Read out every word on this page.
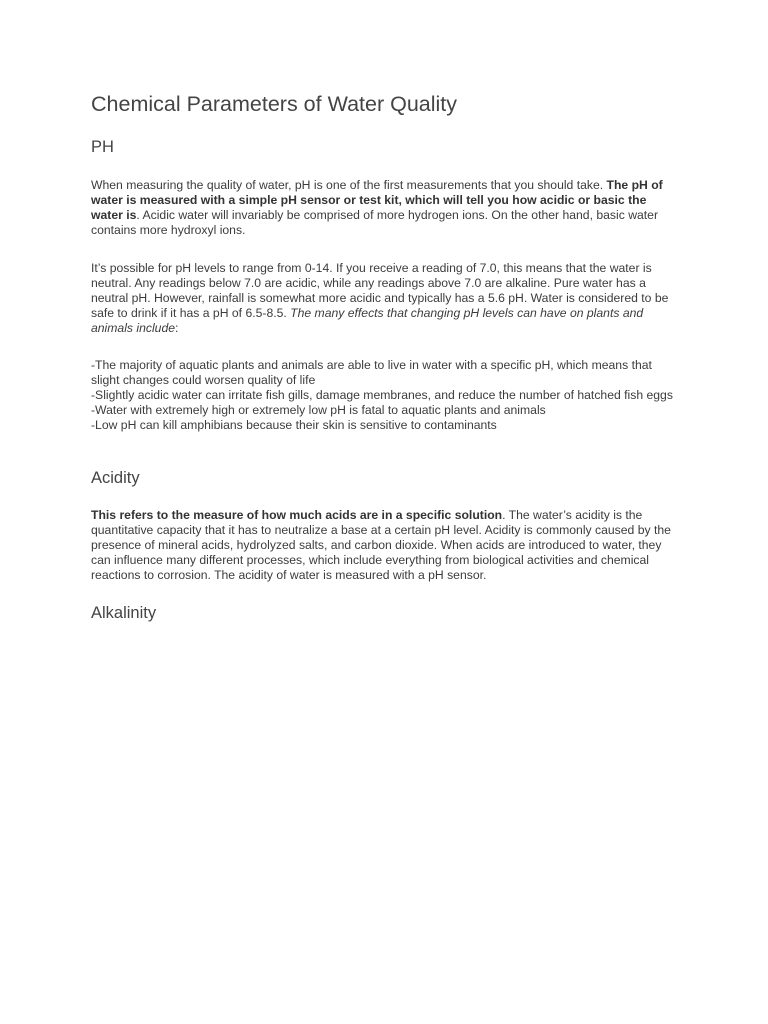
Chemical Parameters of Water Quality
PH

When measuring the quality of water, pH is one of the first measurements that you should take. The pH of water is measured with a simple pH sensor or test kit, which will tell you how acidic or basic the water is. Acidic water will invariably be comprised of more hydrogen ions. On the other hand, basic water contains more hydroxyl ions.

It’s possible for pH levels to range from 0-14. If you receive a reading of 7.0, this means that the water is neutral. Any readings below 7.0 are acidic, while any readings above 7.0 are alkaline. Pure water has a neutral pH. However, rainfall is somewhat more acidic and typically has a 5.6 pH. Water is considered to be safe to drink if it has a pH of 6.5-8.5. The many effects that changing pH levels can have on plants and animals include:

-The majority of aquatic plants and animals are able to live in water with a specific pH, which means that slight changes could worsen quality of life
-Slightly acidic water can irritate fish gills, damage membranes, and reduce the number of hatched fish eggs
-Water with extremely high or extremely low pH is fatal to aquatic plants and animals
-Low pH can kill amphibians because their skin is sensitive to contaminants

Acidity

This refers to the measure of how much acids are in a specific solution. The water’s acidity is the quantitative capacity that it has to neutralize a base at a certain pH level. Acidity is commonly caused by the presence of mineral acids, hydrolyzed salts, and carbon dioxide. When acids are introduced to water, they can influence many different processes, which include everything from biological activities and chemical reactions to corrosion. The acidity of water is measured with a pH sensor.

Alkalinity
